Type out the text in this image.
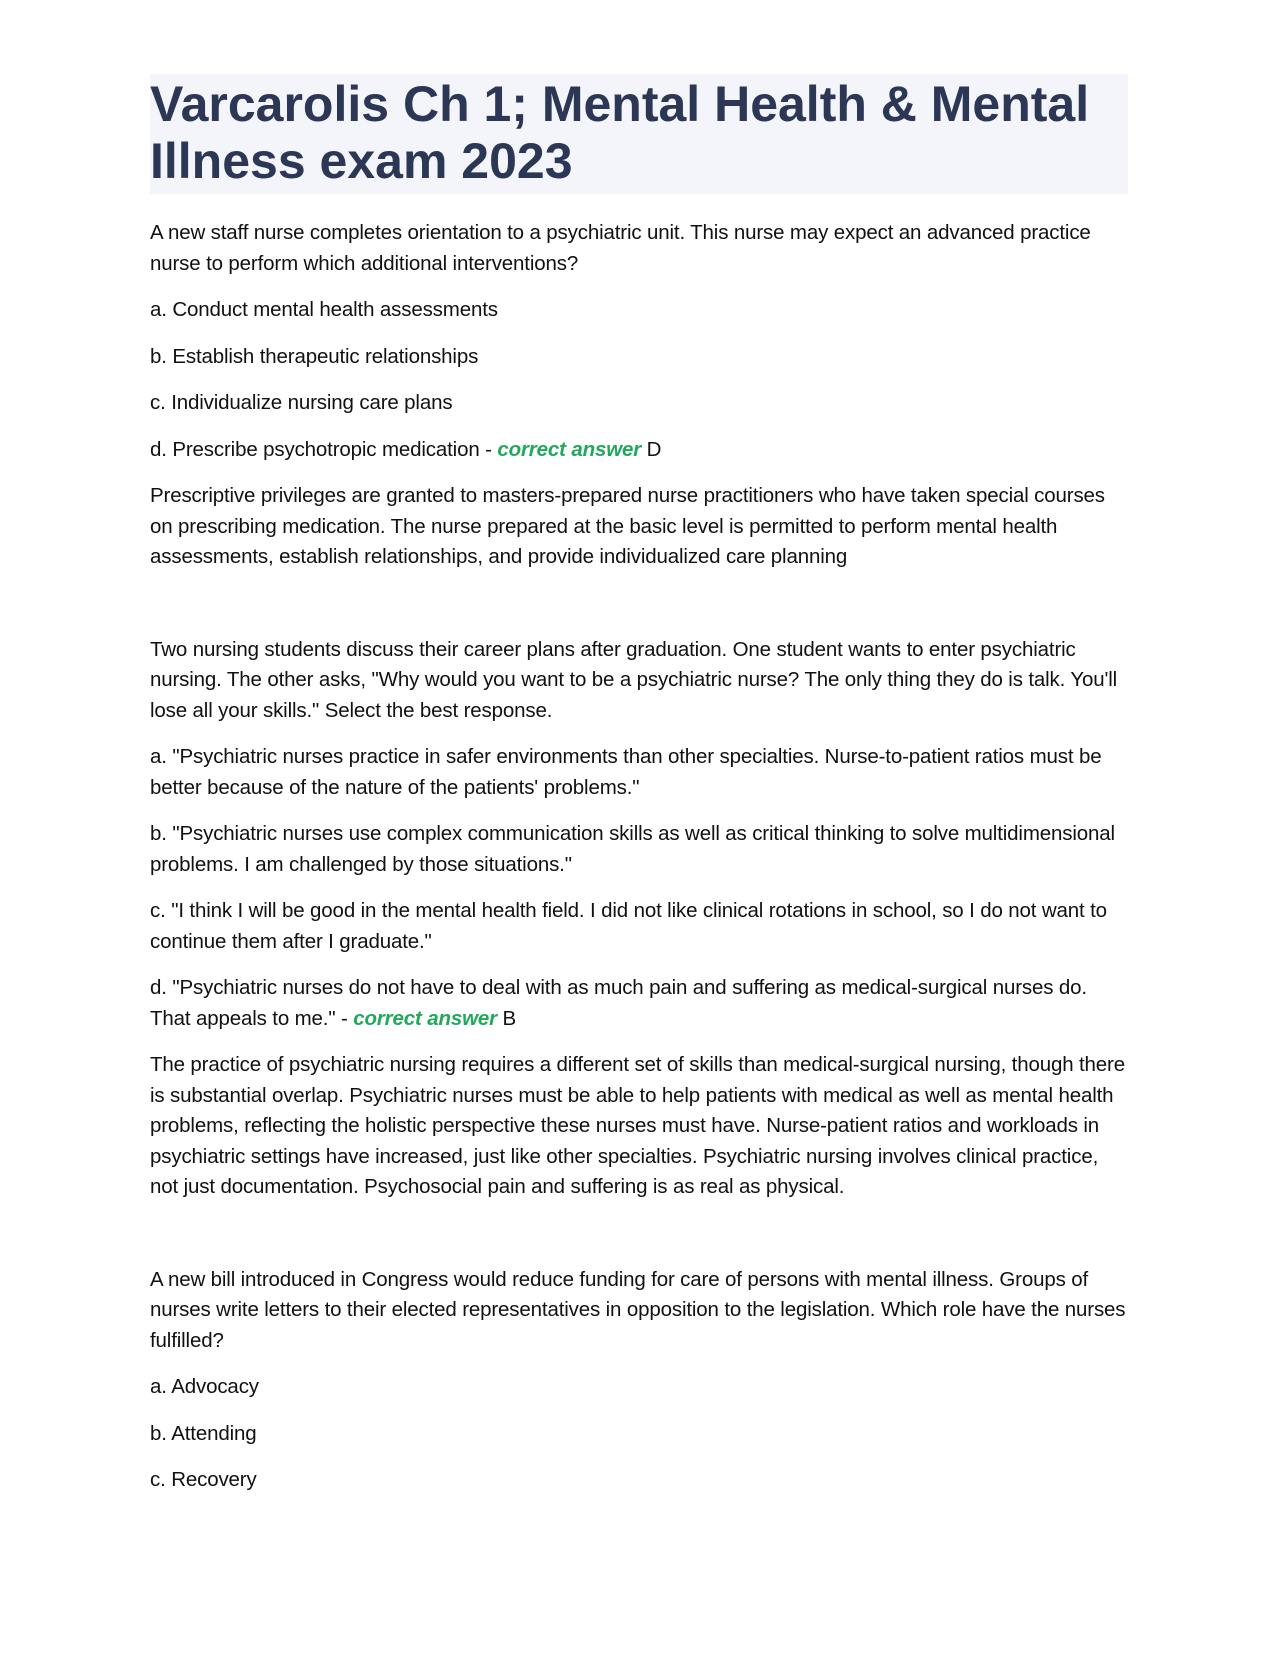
Varcarolis Ch 1; Mental Health & Mental Illness exam 2023

A new staff nurse completes orientation to a psychiatric unit. This nurse may expect an advanced practice nurse to perform which additional interventions?

a. Conduct mental health assessments

b. Establish therapeutic relationships

c. Individualize nursing care plans

d. Prescribe psychotropic medication - correct answer D

Prescriptive privileges are granted to masters-prepared nurse practitioners who have taken special courses on prescribing medication. The nurse prepared at the basic level is permitted to perform mental health assessments, establish relationships, and provide individualized care planning

Two nursing students discuss their career plans after graduation. One student wants to enter psychiatric nursing. The other asks, "Why would you want to be a psychiatric nurse? The only thing they do is talk. You'll lose all your skills." Select the best response.

a. "Psychiatric nurses practice in safer environments than other specialties. Nurse-to-patient ratios must be better because of the nature of the patients' problems."

b. "Psychiatric nurses use complex communication skills as well as critical thinking to solve multidimensional problems. I am challenged by those situations."

c. "I think I will be good in the mental health field. I did not like clinical rotations in school, so I do not want to continue them after I graduate."

d. "Psychiatric nurses do not have to deal with as much pain and suffering as medical-surgical nurses do. That appeals to me." - correct answer B

The practice of psychiatric nursing requires a different set of skills than medical-surgical nursing, though there is substantial overlap. Psychiatric nurses must be able to help patients with medical as well as mental health problems, reflecting the holistic perspective these nurses must have. Nurse-patient ratios and workloads in psychiatric settings have increased, just like other specialties. Psychiatric nursing involves clinical practice, not just documentation. Psychosocial pain and suffering is as real as physical.

A new bill introduced in Congress would reduce funding for care of persons with mental illness. Groups of nurses write letters to their elected representatives in opposition to the legislation. Which role have the nurses fulfilled?

a. Advocacy

b. Attending

c. Recovery
